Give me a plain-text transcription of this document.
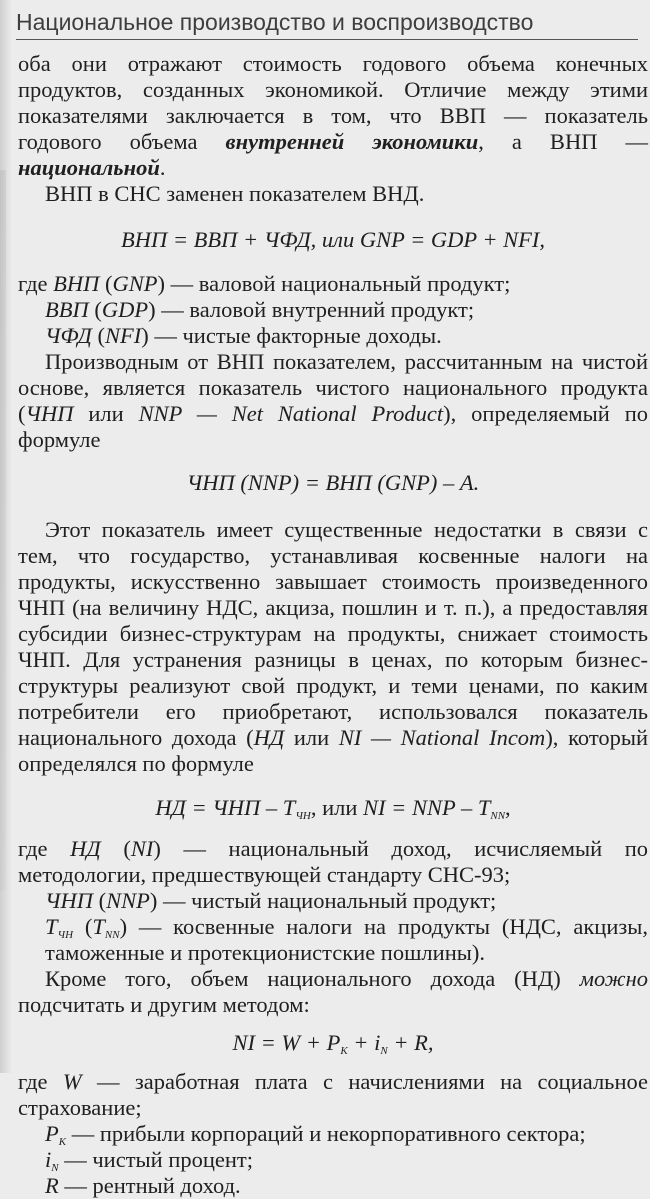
Национальное производство и воспроизводство

оба они отражают стоимость годового объема конечных продуктов, созданных экономикой. Отличие между этими показателями заключается в том, что ВВП — показатель годового объема внутренней экономики, а ВНП — национальной.

ВНП в СНС заменен показателем ВНД.

ВНП = ВВП + ЧФД, или GNP = GDP + NFI,

где ВНП (GNP) — валовой национальный продукт;

ВВП (GDP) — валовой внутренний продукт;

ЧФД (NFI) — чистые факторные доходы.

Производным от ВНП показателем, рассчитанным на чистой основе, является показатель чистого национального продукта (ЧНП или NNP — Net National Product), определяемый по формуле

ЧНП (NNP) = ВНП (GNP) – A.

Этот показатель имеет существенные недостатки в связи с тем, что государство, устанавливая косвенные налоги на продукты, искусственно завышает стоимость произведенного ЧНП (на величину НДС, акциза, пошлин и т. п.), а предоставляя субсидии бизнес-структурам на продукты, снижает стоимость ЧНП. Для устранения разницы в ценах, по которым бизнес-структуры реализуют свой продукт, и теми ценами, по каким потребители его приобретают, использовался показатель национального дохода (НД или NI — National Incom), который определялся по формуле

НД = ЧНП – $T_{ЧН}$, или NI = NNP – $T_{NN}$,

где НД (NI) — национальный доход, исчисляемый по методологии, предшествующей стандарту СНС-93;

ЧНП (NNP) — чистый национальный продукт;

$T_{ЧН}$ $(T_{NN})$ — косвенные налоги на продукты (НДС, акцизы, таможенные и протекционистские пошлины).

Кроме того, объем национального дохода (НД) можно подсчитать и другим методом:

NI = $W + P_K + i_N + R$,

где W — заработная плата с начислениями на социальное страхование;

$P_K$ — прибыли корпораций и некорпоративного сектора;

$i_N$ — чистый процент;

R — рентный доход.
